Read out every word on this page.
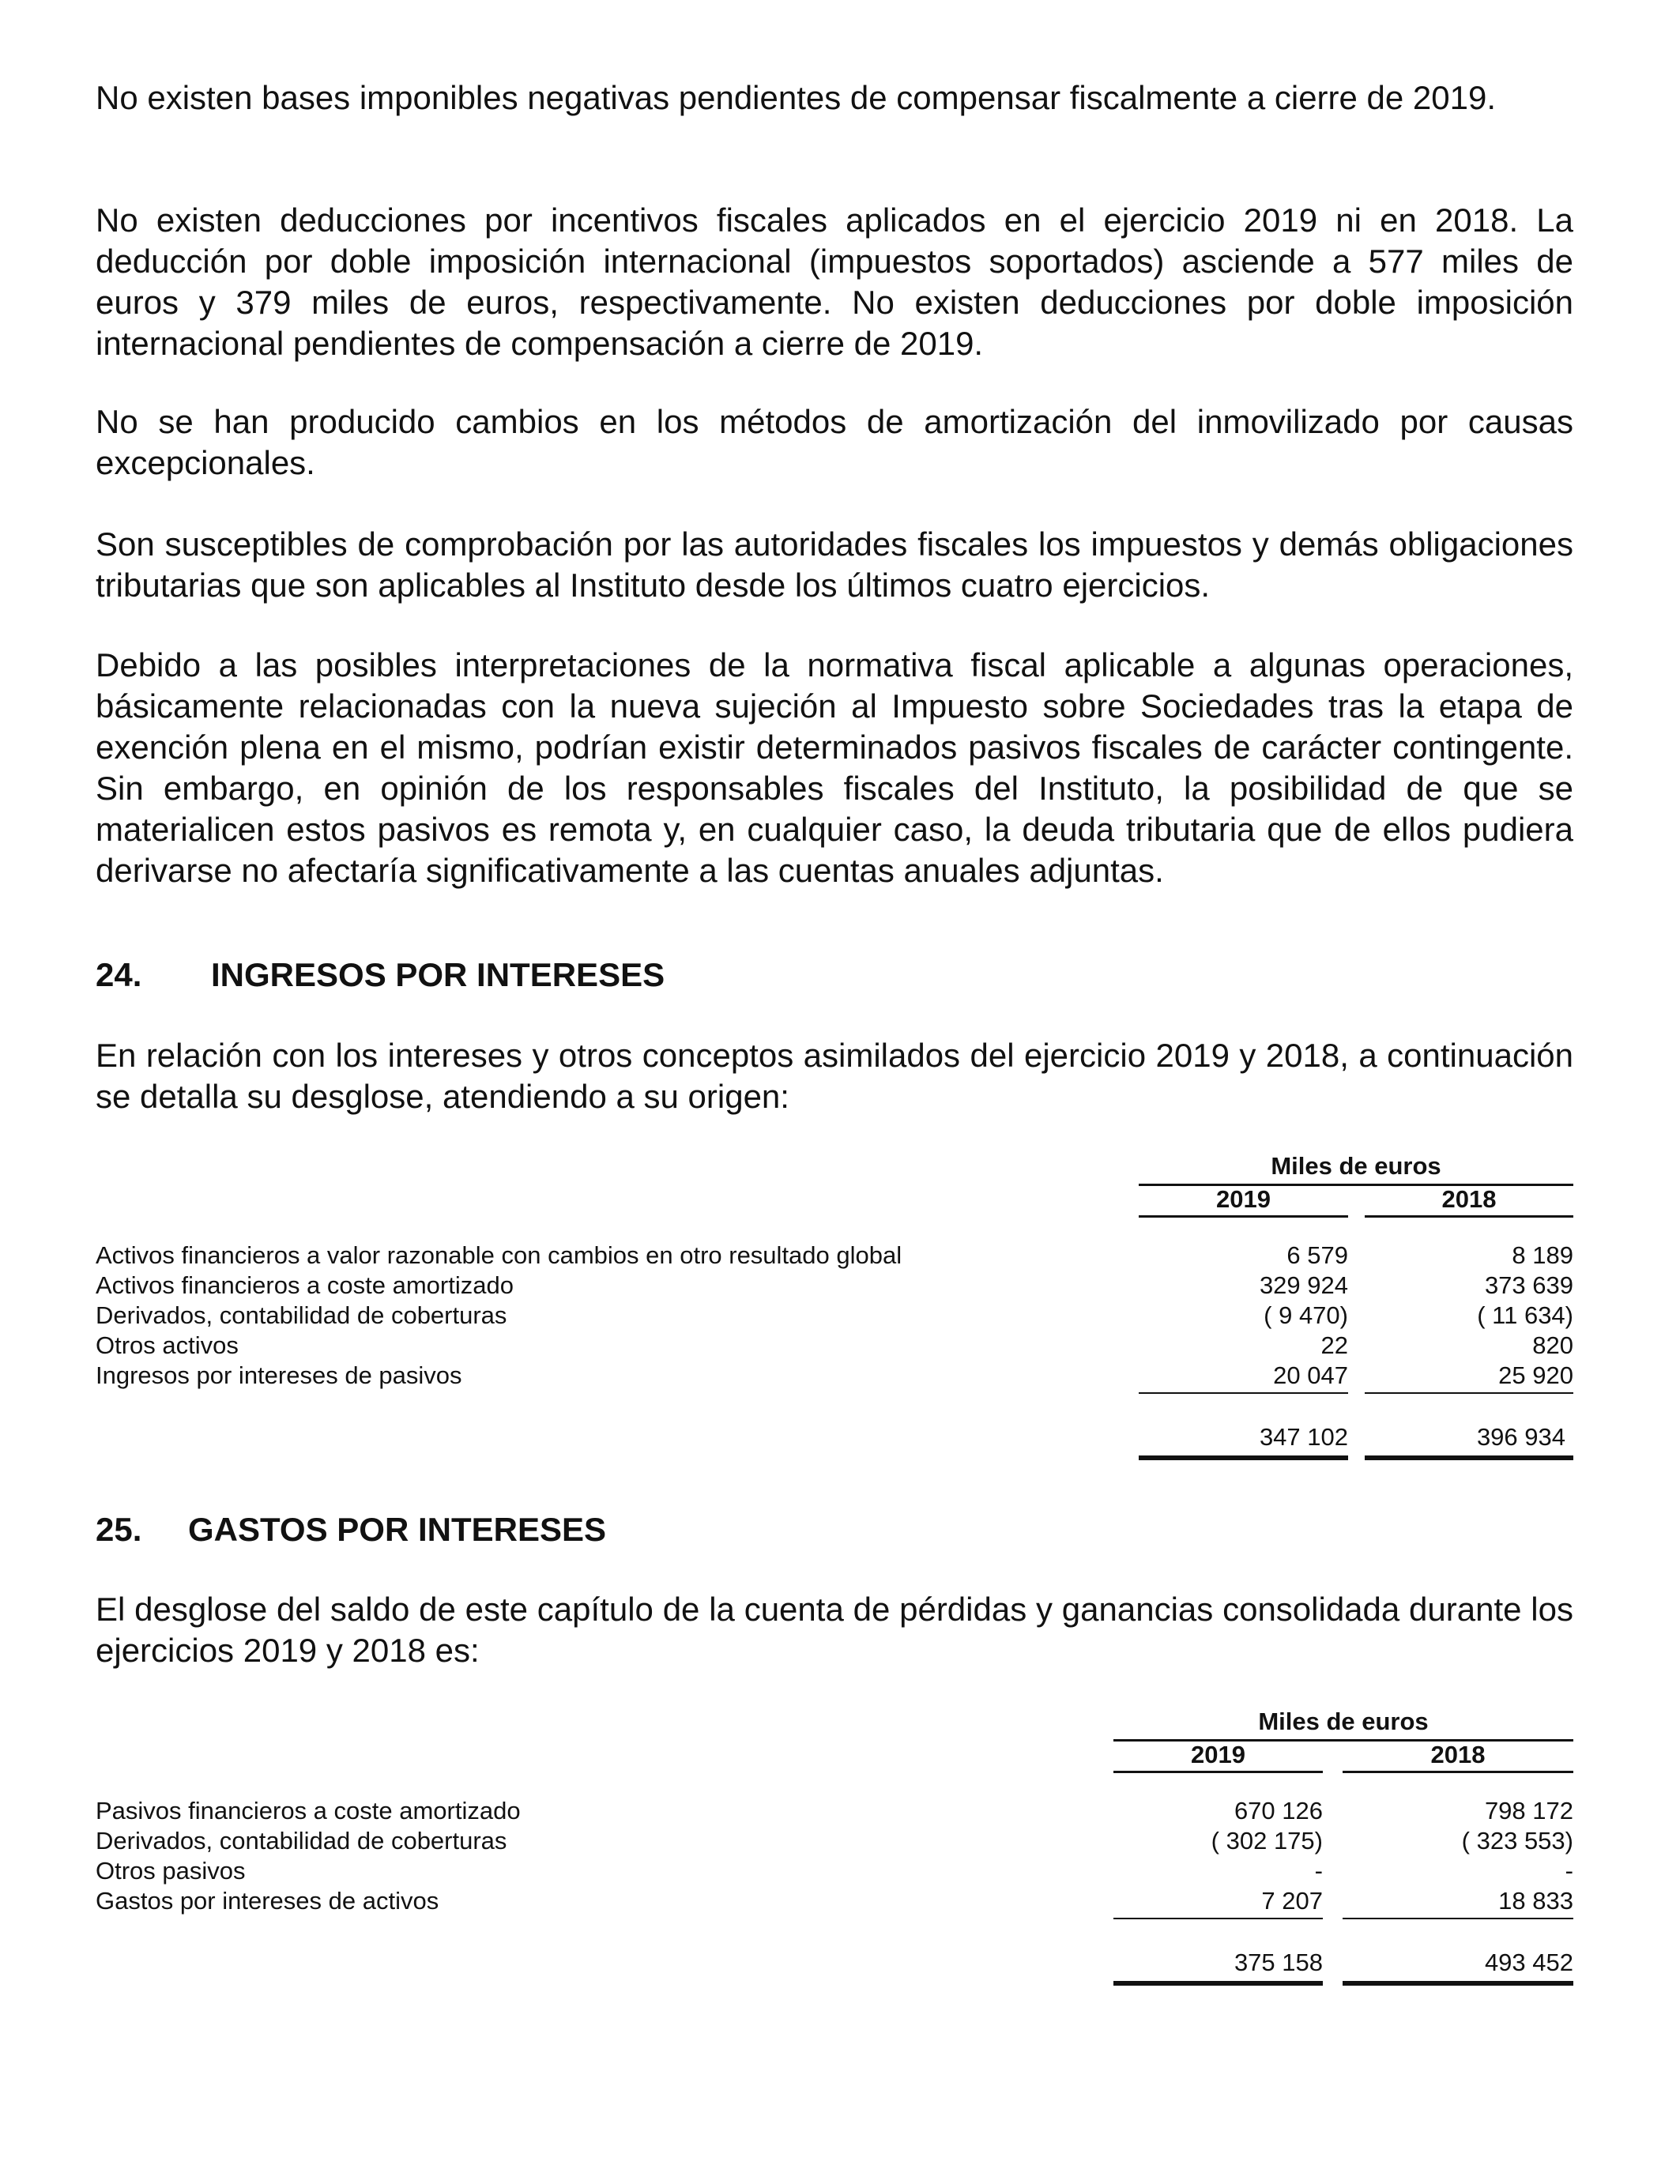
No existen bases imponibles negativas pendientes de compensar fiscalmente a cierre de 2019.

No existen deducciones por incentivos fiscales aplicados en el ejercicio 2019 ni en 2018. La deducción por doble imposición internacional (impuestos soportados) asciende a 577 miles de euros y 379 miles de euros, respectivamente. No existen deducciones por doble imposición internacional pendientes de compensación a cierre de 2019.

No se han producido cambios en los métodos de amortización del inmovilizado por causas excepcionales.

Son susceptibles de comprobación por las autoridades fiscales los impuestos y demás obligaciones tributarias que son aplicables al Instituto desde los últimos cuatro ejercicios.

Debido a las posibles interpretaciones de la normativa fiscal aplicable a algunas operaciones, básicamente relacionadas con la nueva sujeción al Impuesto sobre Sociedades tras la etapa de exención plena en el mismo, podrían existir determinados pasivos fiscales de carácter contingente. Sin embargo, en opinión de los responsables fiscales del Instituto, la posibilidad de que se materialicen estos pasivos es remota y, en cualquier caso, la deuda tributaria que de ellos pudiera derivarse no afectaría significativamente a las cuentas anuales adjuntas.

24. INGRESOS POR INTERESES

En relación con los intereses y otros conceptos asimilados del ejercicio 2019 y 2018, a continuación se detalla su desglose, atendiendo a su origen:

Miles de euros
2019	2018
Activos financieros a valor razonable con cambios en otro resultado global	6 579	8 189
Activos financieros a coste amortizado	329 924	373 639
Derivados, contabilidad de coberturas	( 9 470)	( 11 634)
Otros activos	22	820
Ingresos por intereses de pasivos	20 047	25 920
347 102	396 934
25. GASTOS POR INTERESES

El desglose del saldo de este capítulo de la cuenta de pérdidas y ganancias consolidada durante los ejercicios 2019 y 2018 es:

Miles de euros
2019	2018
Pasivos financieros a coste amortizado	670 126	798 172
Derivados, contabilidad de coberturas	( 302 175)	( 323 553)
Otros pasivos	-	-
Gastos por intereses de activos	7 207	18 833
375 158	493 452
